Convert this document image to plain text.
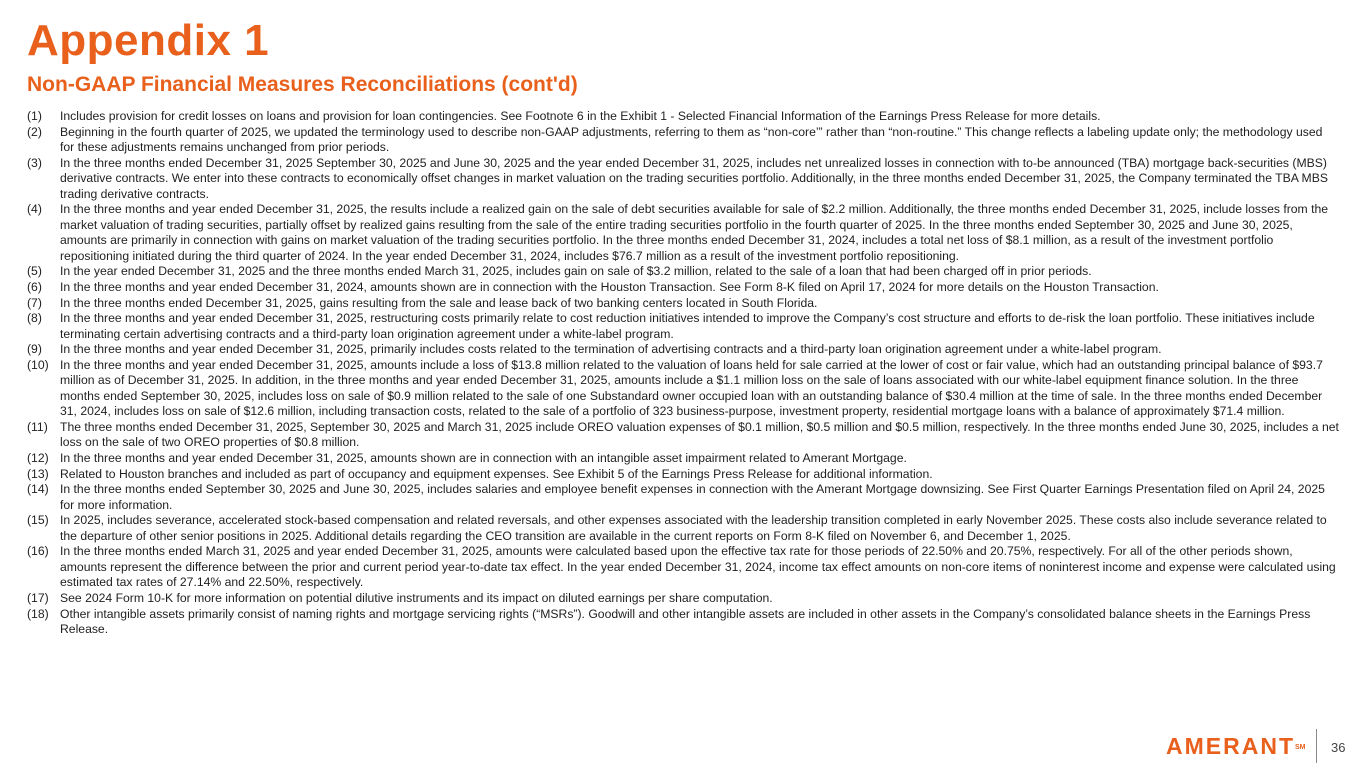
Appendix 1
Non-GAAP Financial Measures Reconciliations (cont'd)
(1)	Includes provision for credit losses on loans and provision for loan contingencies. See Footnote 6 in the Exhibit 1 - Selected Financial Information of the Earnings Press Release for more details.
(2)	Beginning in the fourth quarter of 2025, we updated the terminology used to describe non-GAAP adjustments, referring to them as “non-core’” rather than “non-routine.” This change reflects a labeling update only; the methodology used for these adjustments remains unchanged from prior periods.
(3)	In the three months ended December 31, 2025 September 30, 2025 and June 30, 2025 and the year ended December 31, 2025, includes net unrealized losses in connection with to-be announced (TBA) mortgage back-securities (MBS) derivative contracts. We enter into these contracts to economically offset changes in market valuation on the trading securities portfolio. Additionally, in the three months ended December 31, 2025, the Company terminated the TBA MBS trading derivative contracts.
(4)	In the three months and year ended December 31, 2025, the results include a realized gain on the sale of debt securities available for sale of $2.2 million. Additionally, the three months ended December 31, 2025, include losses from the market valuation of trading securities, partially offset by realized gains resulting from the sale of the entire trading securities portfolio in the fourth quarter of 2025. In the three months ended September 30, 2025 and June 30, 2025, amounts are primarily in connection with gains on market valuation of the trading securities portfolio. In the three months ended December 31, 2024, includes a total net loss of $8.1 million, as a result of the investment portfolio repositioning initiated during the third quarter of 2024. In the year ended December 31, 2024, includes $76.7 million as a result of the investment portfolio repositioning.
(5)	In the year ended December 31, 2025 and the three months ended March 31, 2025, includes gain on sale of $3.2 million, related to the sale of a loan that had been charged off in prior periods.
(6)	In the three months and year ended December 31, 2024, amounts shown are in connection with the Houston Transaction. See Form 8-K filed on April 17, 2024 for more details on the Houston Transaction.
(7)	In the three months ended December 31, 2025, gains resulting from the sale and lease back of two banking centers located in South Florida.
(8)	In the three months and year ended December 31, 2025, restructuring costs primarily relate to cost reduction initiatives intended to improve the Company’s cost structure and efforts to de-risk the loan portfolio. These initiatives include terminating certain advertising contracts and a third-party loan origination agreement under a white-label program.
(9)	In the three months and year ended December 31, 2025, primarily includes costs related to the termination of advertising contracts and a third-party loan origination agreement under a white-label program.
(10) In the three months and year ended December 31, 2025, amounts include a loss of $13.8 million related to the valuation of loans held for sale carried at the lower of cost or fair value, which had an outstanding principal balance of $93.7 million as of December 31, 2025. In addition, in the three months and year ended December 31, 2025, amounts include a $1.1 million loss on the sale of loans associated with our white-label equipment finance solution. In the three months ended September 30, 2025, includes loss on sale of $0.9 million related to the sale of one Substandard owner occupied loan with an outstanding balance of $30.4 million at the time of sale. In the three months ended December 31, 2024, includes loss on sale of $12.6 million, including transaction costs, related to the sale of a portfolio of 323 business-purpose, investment property, residential mortgage loans with a balance of approximately $71.4 million.
(11)	The three months ended December 31, 2025, September 30, 2025 and March 31, 2025 include OREO valuation expenses of $0.1 million, $0.5 million and $0.5 million, respectively. In the three months ended June 30, 2025, includes a net loss on the sale of two OREO properties of $0.8 million.
(12) In the three months and year ended December 31, 2025, amounts shown are in connection with an intangible asset impairment related to Amerant Mortgage.
(13) Related to Houston branches and included as part of occupancy and equipment expenses. See Exhibit 5 of the Earnings Press Release for additional information.
(14) In the three months ended September 30, 2025 and June 30, 2025, includes salaries and employee benefit expenses in connection with the Amerant Mortgage downsizing. See First Quarter Earnings Presentation filed on April 24, 2025 for more information.
(15) In 2025, includes severance, accelerated stock-based compensation and related reversals, and other expenses associated with the leadership transition completed in early November 2025. These costs also include severance related to the departure of other senior positions in 2025. Additional details regarding the CEO transition are available in the current reports on Form 8-K filed on November 6, and December 1, 2025.
(16) In the three months ended March 31, 2025 and year ended December 31, 2025, amounts were calculated based upon the effective tax rate for those periods of 22.50% and 20.75%, respectively. For all of the other periods shown, amounts represent the difference between the prior and current period year-to-date tax effect. In the year ended December 31, 2024, income tax effect amounts on non-core items of noninterest income and expense were calculated using estimated tax rates of 27.14% and 22.50%, respectively.
(17) See 2024 Form 10-K for more information on potential dilutive instruments and its impact on diluted earnings per share computation.
(18) Other intangible assets primarily consist of naming rights and mortgage servicing rights (“MSRs”). Goodwill and other intangible assets are included in other assets in the Company’s consolidated balance sheets in the Earnings Press Release.
AMERANT℠ 36
